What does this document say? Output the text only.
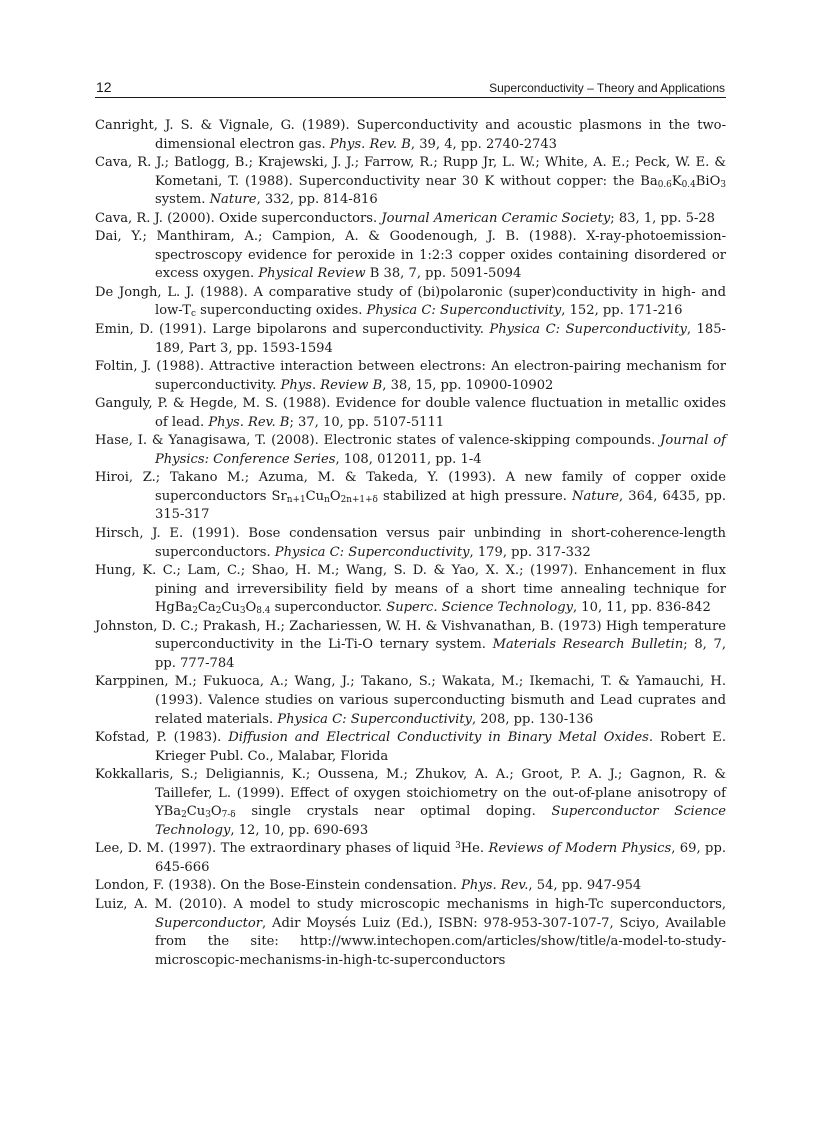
12	Superconductivity – Theory and Applications

Canright, J. S. & Vignale, G. (1989). Superconductivity and acoustic plasmons in the two-dimensional electron gas. Phys. Rev. B, 39, 4, pp. 2740-2743

Cava, R. J.; Batlogg, B.; Krajewski, J. J.; Farrow, R.; Rupp Jr, L. W.; White, A. E.; Peck, W. E. & Kometani, T. (1988). Superconductivity near 30 K without copper: the $Ba_{0.6}K_{0.4}BiO_3$ system. Nature, 332, pp. 814-816

Cava, R. J. (2000). Oxide superconductors. Journal American Ceramic Society; 83, 1, pp. 5-28

Dai, Y.; Manthiram, A.; Campion, A. & Goodenough, J. B. (1988). X-ray-photoemission-spectroscopy evidence for peroxide in 1:2:3 copper oxides containing disordered or excess oxygen. Physical Review B 38, 7, pp. 5091-5094

De Jongh, L. J. (1988). A comparative study of (bi)polaronic (super)conductivity in high- and low-$T_c$ superconducting oxides. Physica C: Superconductivity, 152, pp. 171-216

Emin, D. (1991). Large bipolarons and superconductivity. Physica C: Superconductivity, 185-189, Part 3, pp. 1593-1594

Foltin, J. (1988). Attractive interaction between electrons: An electron-pairing mechanism for superconductivity. Phys. Review B, 38, 15, pp. 10900-10902

Ganguly, P. & Hegde, M. S. (1988). Evidence for double valence fluctuation in metallic oxides of lead. Phys. Rev. B; 37, 10, pp. 5107-5111

Hase, I. & Yanagisawa, T. (2008). Electronic states of valence-skipping compounds. Journal of Physics: Conference Series, 108, 012011, pp. 1-4

Hiroi, Z.; Takano M.; Azuma, M. & Takeda, Y. (1993). A new family of copper oxide superconductors $Sr_{n+1}Cu_nO_{2n+1+\delta}$ stabilized at high pressure. Nature, 364, 6435, pp. 315-317

Hirsch, J. E. (1991). Bose condensation versus pair unbinding in short-coherence-length superconductors. Physica C: Superconductivity, 179, pp. 317-332

Hung, K. C.; Lam, C.; Shao, H. M.; Wang, S. D. & Yao, X. X.; (1997). Enhancement in flux pining and irreversibility field by means of a short time annealing technique for $HgBa_2Ca_2Cu_3O_{8.4}$ superconductor. Superc. Science Technology, 10, 11, pp. 836-842

Johnston, D. C.; Prakash, H.; Zachariessen, W. H. & Vishvanathan, B. (1973) High temperature superconductivity in the Li-Ti-O ternary system. Materials Research Bulletin; 8, 7, pp. 777-784

Karppinen, M.; Fukuoca, A.; Wang, J.; Takano, S.; Wakata, M.; Ikemachi, T. & Yamauchi, H. (1993). Valence studies on various superconducting bismuth and Lead cuprates and related materials. Physica C: Superconductivity, 208, pp. 130-136

Kofstad, P. (1983). Diffusion and Electrical Conductivity in Binary Metal Oxides. Robert E. Krieger Publ. Co., Malabar, Florida

Kokkallaris, S.; Deligiannis, K.; Oussena, M.; Zhukov, A. A.; Groot, P. A. J.; Gagnon, R. & Taillefer, L. (1999). Effect of oxygen stoichiometry on the out-of-plane anisotropy of $YBa_2Cu_3O_{7-\delta}$ single crystals near optimal doping. Superconductor Science Technology, 12, 10, pp. 690-693

Lee, D. M. (1997). The extraordinary phases of liquid $^3$He. Reviews of Modern Physics, 69, pp. 645-666

London, F. (1938). On the Bose-Einstein condensation. Phys. Rev., 54, pp. 947-954

Luiz, A. M. (2010). A model to study microscopic mechanisms in high-Tc superconductors, Superconductor, Adir Moysés Luiz (Ed.), ISBN: 978-953-307-107-7, Sciyo, Available from the site: http://www.intechopen.com/articles/show/title/a-model-to-study-microscopic-mechanisms-in-high-tc-superconductors
